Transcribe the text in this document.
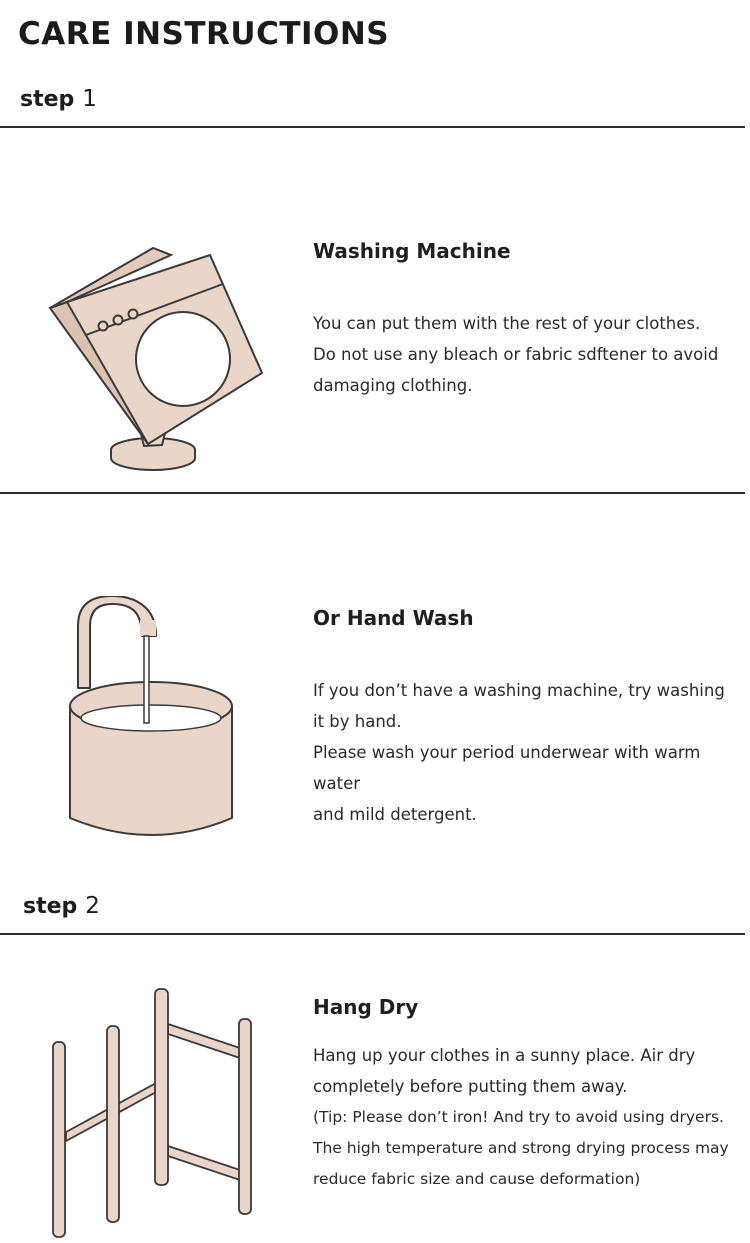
CARE INSTRUCTIONS
step 1
Washing Machine

You can put them with the rest of your clothes.

Do not use any bleach or fabric sdftener to avoid

damaging clothing.

Or Hand Wash

If you don’t have a washing machine, try washing

it by hand.

Please wash your period underwear with warm water

and mild detergent.

step 2
Hang Dry

Hang up your clothes in a sunny place. Air dry

completely before putting them away.

(Tip: Please don’t iron! And try to avoid using dryers.

The high temperature and strong drying process may

reduce fabric size and cause deformation)
